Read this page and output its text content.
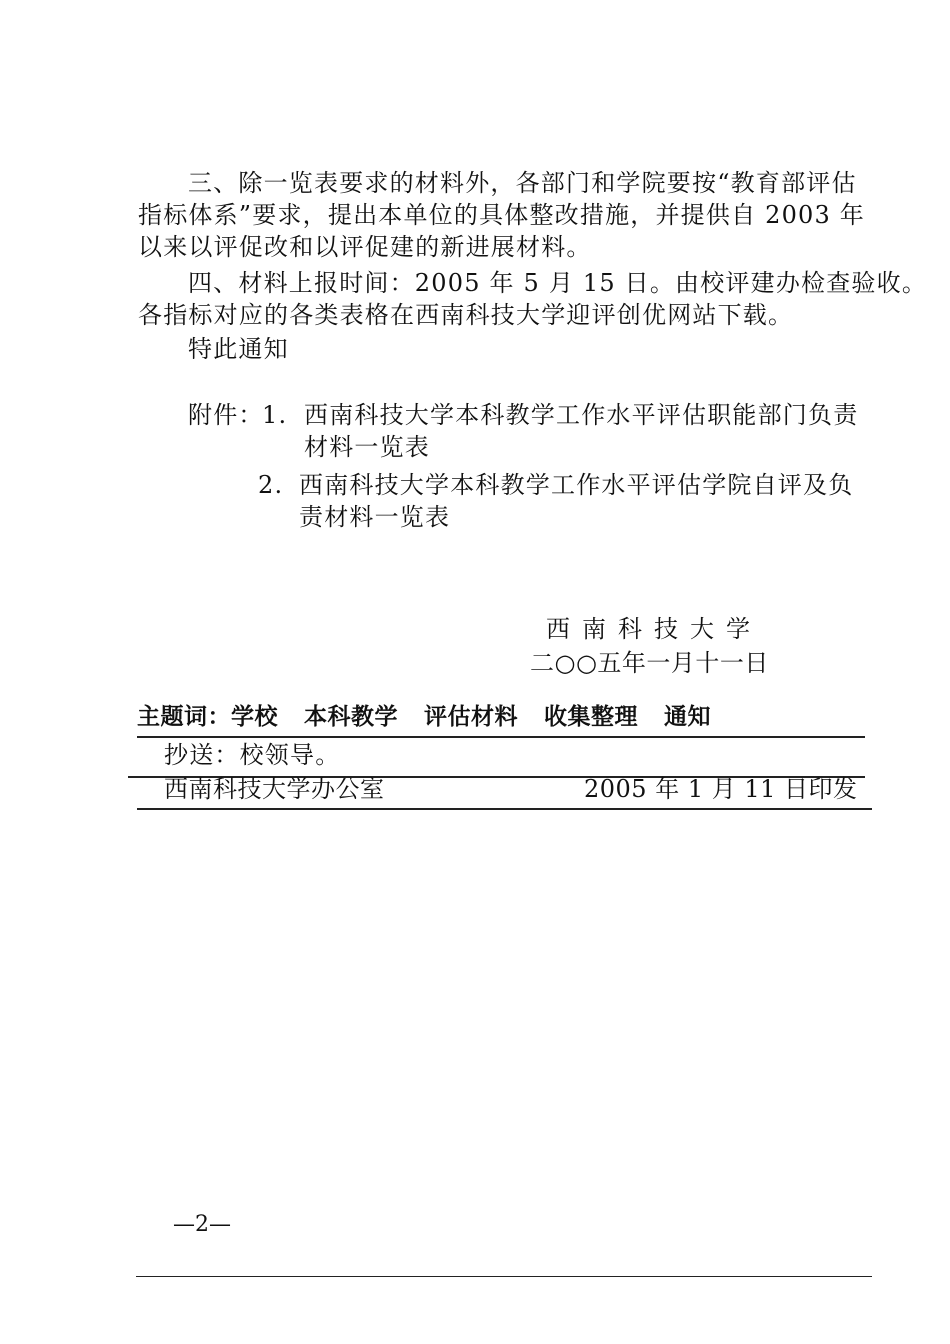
三、除一览表要求的材料外，各部门和学院要按“教育部评估
指标体系”要求，提出本单位的具体整改措施，并提供自 2003 年
以来以评促改和以评促建的新进展材料。
四、材料上报时间：2005 年 5 月 15 日。由校评建办检查验收。
各指标对应的各类表格在西南科技大学迎评创优网站下载。
特此通知
附件：
1. 西南科技大学本科教学工作水平评估职能部门负责
材料一览表
2. 西南科技大学本科教学工作水平评估学院自评及负
责材料一览表
西南科技大学
二○○五年一月十一日
主题词：学校 本科教学 评估材料 收集整理 通知
抄送：校领导。
西南科技大学办公室	2005 年 1 月 11 日印发
—2—
